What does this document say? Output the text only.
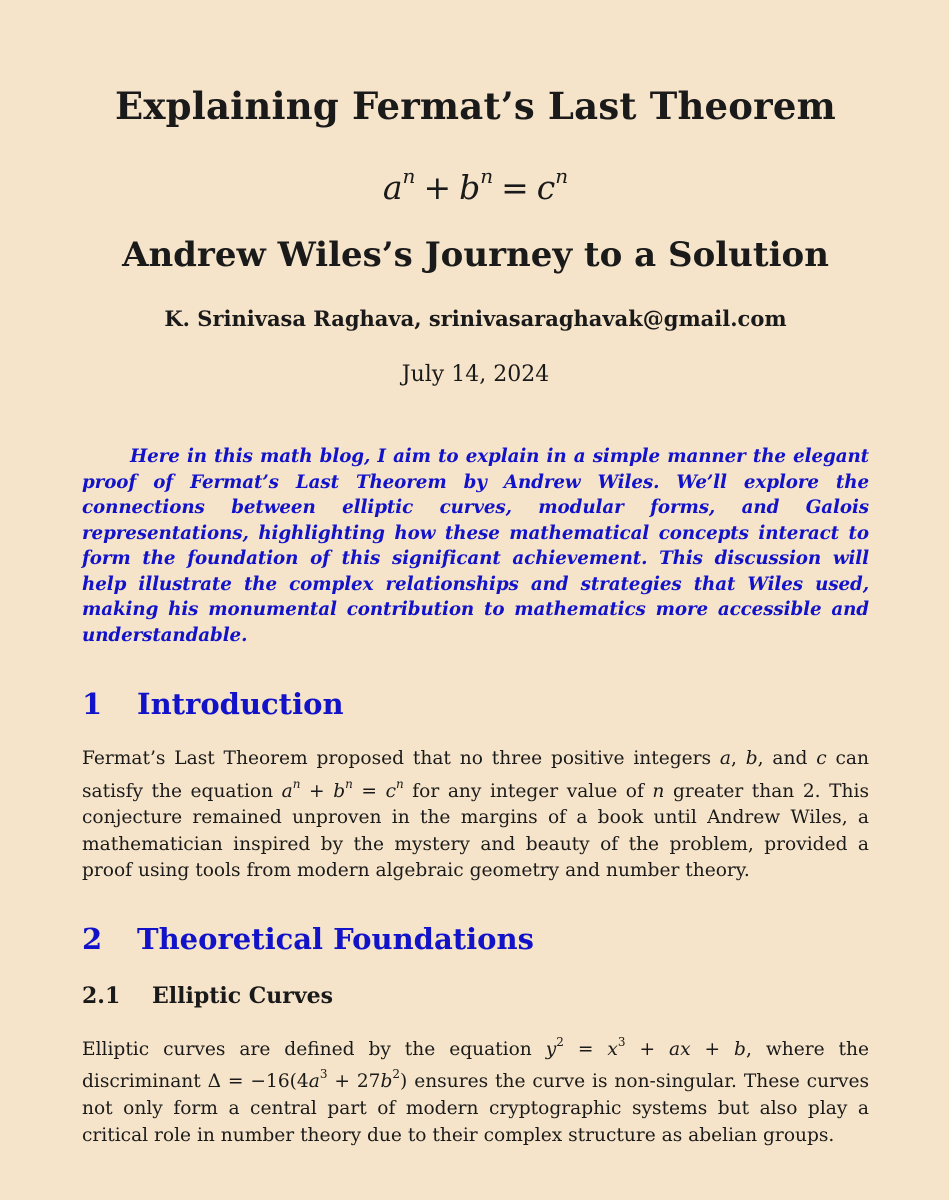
Explaining Fermat’s Last Theorem
$a^n + b^n = c^n$
Andrew Wiles’s Journey to a Solution
K. Srinivasa Raghava, srinivasaraghavak@gmail.com
July 14, 2024

Here in this math blog, I aim to explain in a simple manner the elegant proof of Fermat’s Last Theorem by Andrew Wiles. We’ll explore the connections between elliptic curves, modular forms, and Galois representations, highlighting how these mathematical concepts interact to form the foundation of this significant achievement. This discussion will help illustrate the complex relationships and strategies that Wiles used, making his monumental contribution to mathematics more accessible and understandable.

1	Introduction

Fermat’s Last Theorem proposed that no three positive integers a, b, and c can satisfy the equation $a^n + b^n = c^n$ for any integer value of n greater than 2. This conjecture remained unproven in the margins of a book until Andrew Wiles, a mathematician inspired by the mystery and beauty of the problem, provided a proof using tools from modern algebraic geometry and number theory.

2	Theoretical Foundations
2.1	Elliptic Curves

Elliptic curves are defined by the equation $y^2 = x^3$ + ax + b, where the discriminant $\Delta = -16(4a^3 + 27b^2)$ ensures the curve is non-singular. These curves not only form a central part of modern cryptographic systems but also play a critical role in number theory due to their complex structure as abelian groups.
